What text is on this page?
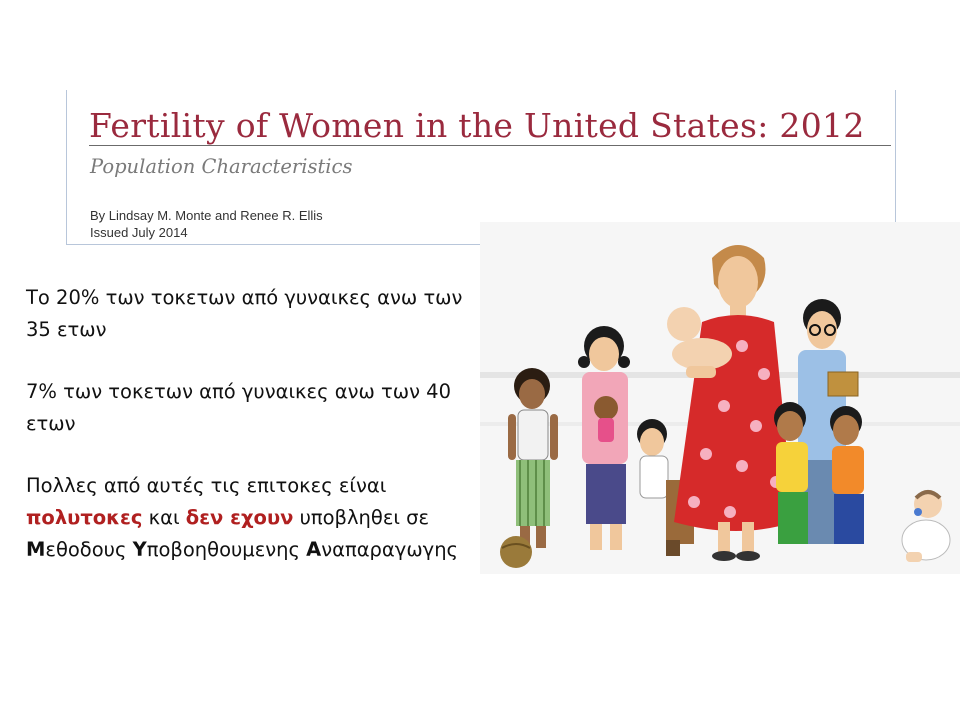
Fertility of Women in the United States: 2012
Population Characteristics
By Lindsay M. Monte and Renee R. Ellis
Issued July 2014

Το 20% των τοκετων από γυναικες ανω των 35 ετων

7% των τοκετων από γυναικες ανω των 40 ετων

Πολλες από αυτές τις επιτοκες είναι πολυτοκες και δεν εχουν υποβληθει σε Μεθοδους Υποβοηθουμενης Αναπαραγωγης
